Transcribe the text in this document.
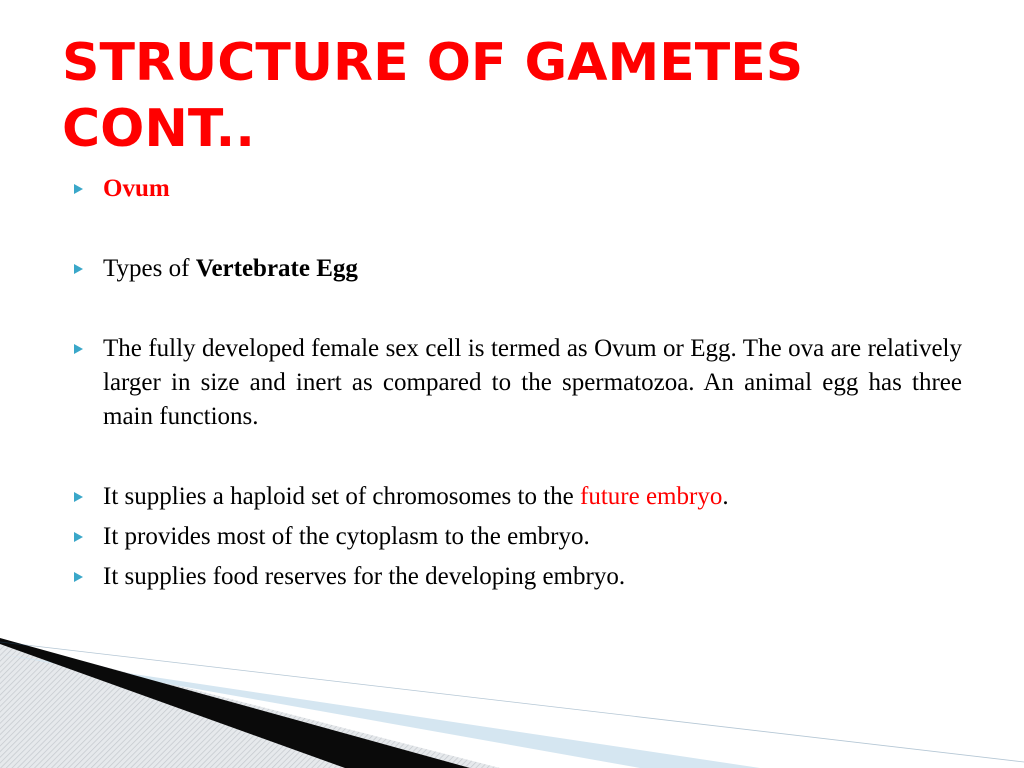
STRUCTURE OF GAMETES CONT..
Ovum
Types of Vertebrate Egg
The fully developed female sex cell is termed as Ovum or Egg. The ova are relatively larger in size and inert as compared to the spermatozoa. An animal egg has three main functions.
It supplies a haploid set of chromosomes to the future embryo.
It provides most of the cytoplasm to the embryo.
It supplies food reserves for the developing embryo.
